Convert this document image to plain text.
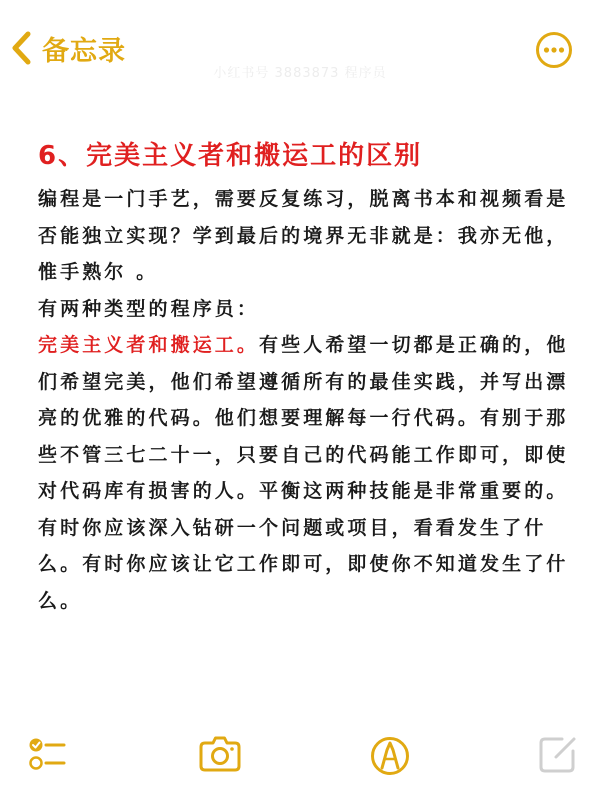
备忘录
小红书号 3883873 程序员
6、完美主义者和搬运工的区别

编程是一门手艺，需要反复练习，脱离书本和视频看是否能独立实现？学到最后的境界无非就是：我亦无他，惟手熟尔 。

有两种类型的程序员：

完美主义者和搬运工。有些人希望一切都是正确的，他们希望完美，他们希望遵循所有的最佳实践，并写出漂亮的优雅的代码。他们想要理解每一行代码。有别于那些不管三七二十一，只要自己的代码能工作即可，即使对代码库有损害的人。平衡这两种技能是非常重要的。有时你应该深入钻研一个问题或项目，看看发生了什么。有时你应该让它工作即可，即使你不知道发生了什么。
